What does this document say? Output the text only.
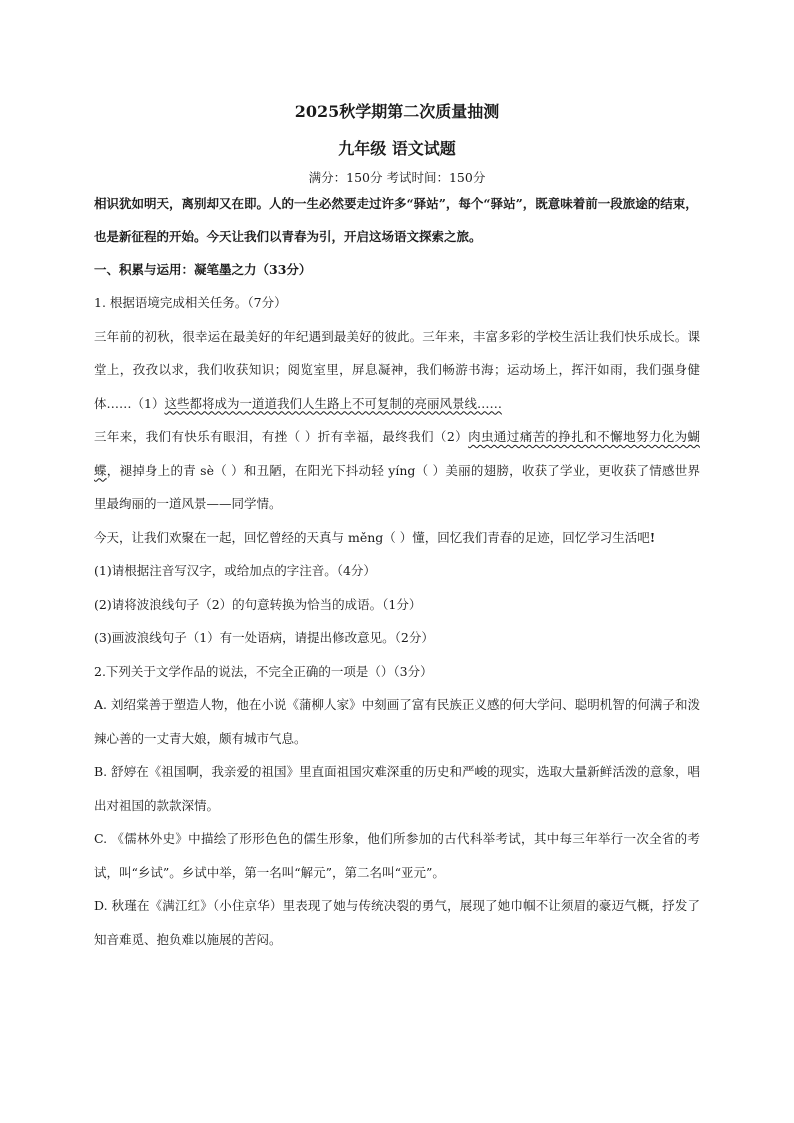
2025秋学期第二次质量抽测
九年级 语文试题
满分：150分 考试时间：150分

相识犹如明天，离别却又在即。人的一生必然要走过许多“驿站”，每个“驿站”，既意味着前一段旅途的结束，也是新征程的开始。今天让我们以青春为引，开启这场语文探索之旅。

一、积累与运用：凝笔墨之力（33分）

1. 根据语境完成相关任务。（7分）

三年前的初秋，很幸运在最美好的年纪遇到最美好的彼此。三年来，丰富多彩的学校生活让我们快乐成长。课堂上，孜孜以求，我们收获知识；阅览室里，屏息凝神，我们畅游书海；运动场上，挥汗如雨，我们强身健体……（1）这些都将成为一道道我们人生路上不可复制的亮丽风景线……

三年来，我们有快乐有眼泪，有挫（ ）折有幸福，最终我们（2）肉虫通过痛苦的挣扎和不懈地努力化为蝴蝶，褪掉身上的青 sè（ ）和丑陋，在阳光下抖动轻 yíng（ ）美丽的翅膀，收获了学业，更收获了情感世界里最绚丽的一道风景——同学情。

今天，让我们欢聚在一起，回忆曾经的天真与 měng（ ）懂，回忆我们青春的足迹，回忆学习生活吧!

(1)请根据注音写汉字，或给加点的字注音。（4分）

(2)请将波浪线句子（2）的句意转换为恰当的成语。（1分）

(3)画波浪线句子（1）有一处语病，请提出修改意见。（2分）

2.下列关于文学作品的说法，不完全正确的一项是（）（3分）

A. 刘绍棠善于塑造人物，他在小说《蒲柳人家》中刻画了富有民族正义感的何大学问、聪明机智的何满子和泼辣心善的一丈青大娘，颇有城市气息。

B. 舒婷在《祖国啊，我亲爱的祖国》里直面祖国灾难深重的历史和严峻的现实，选取大量新鲜活泼的意象，唱出对祖国的款款深情。

C. 《儒林外史》中描绘了形形色色的儒生形象，他们所参加的古代科举考试，其中每三年举行一次全省的考试，叫“乡试”。乡试中举，第一名叫“解元”，第二名叫“亚元”。

D. 秋瑾在《满江红》（小住京华）里表现了她与传统决裂的勇气，展现了她巾帼不让须眉的豪迈气概，抒发了知音难觅、抱负难以施展的苦闷。
